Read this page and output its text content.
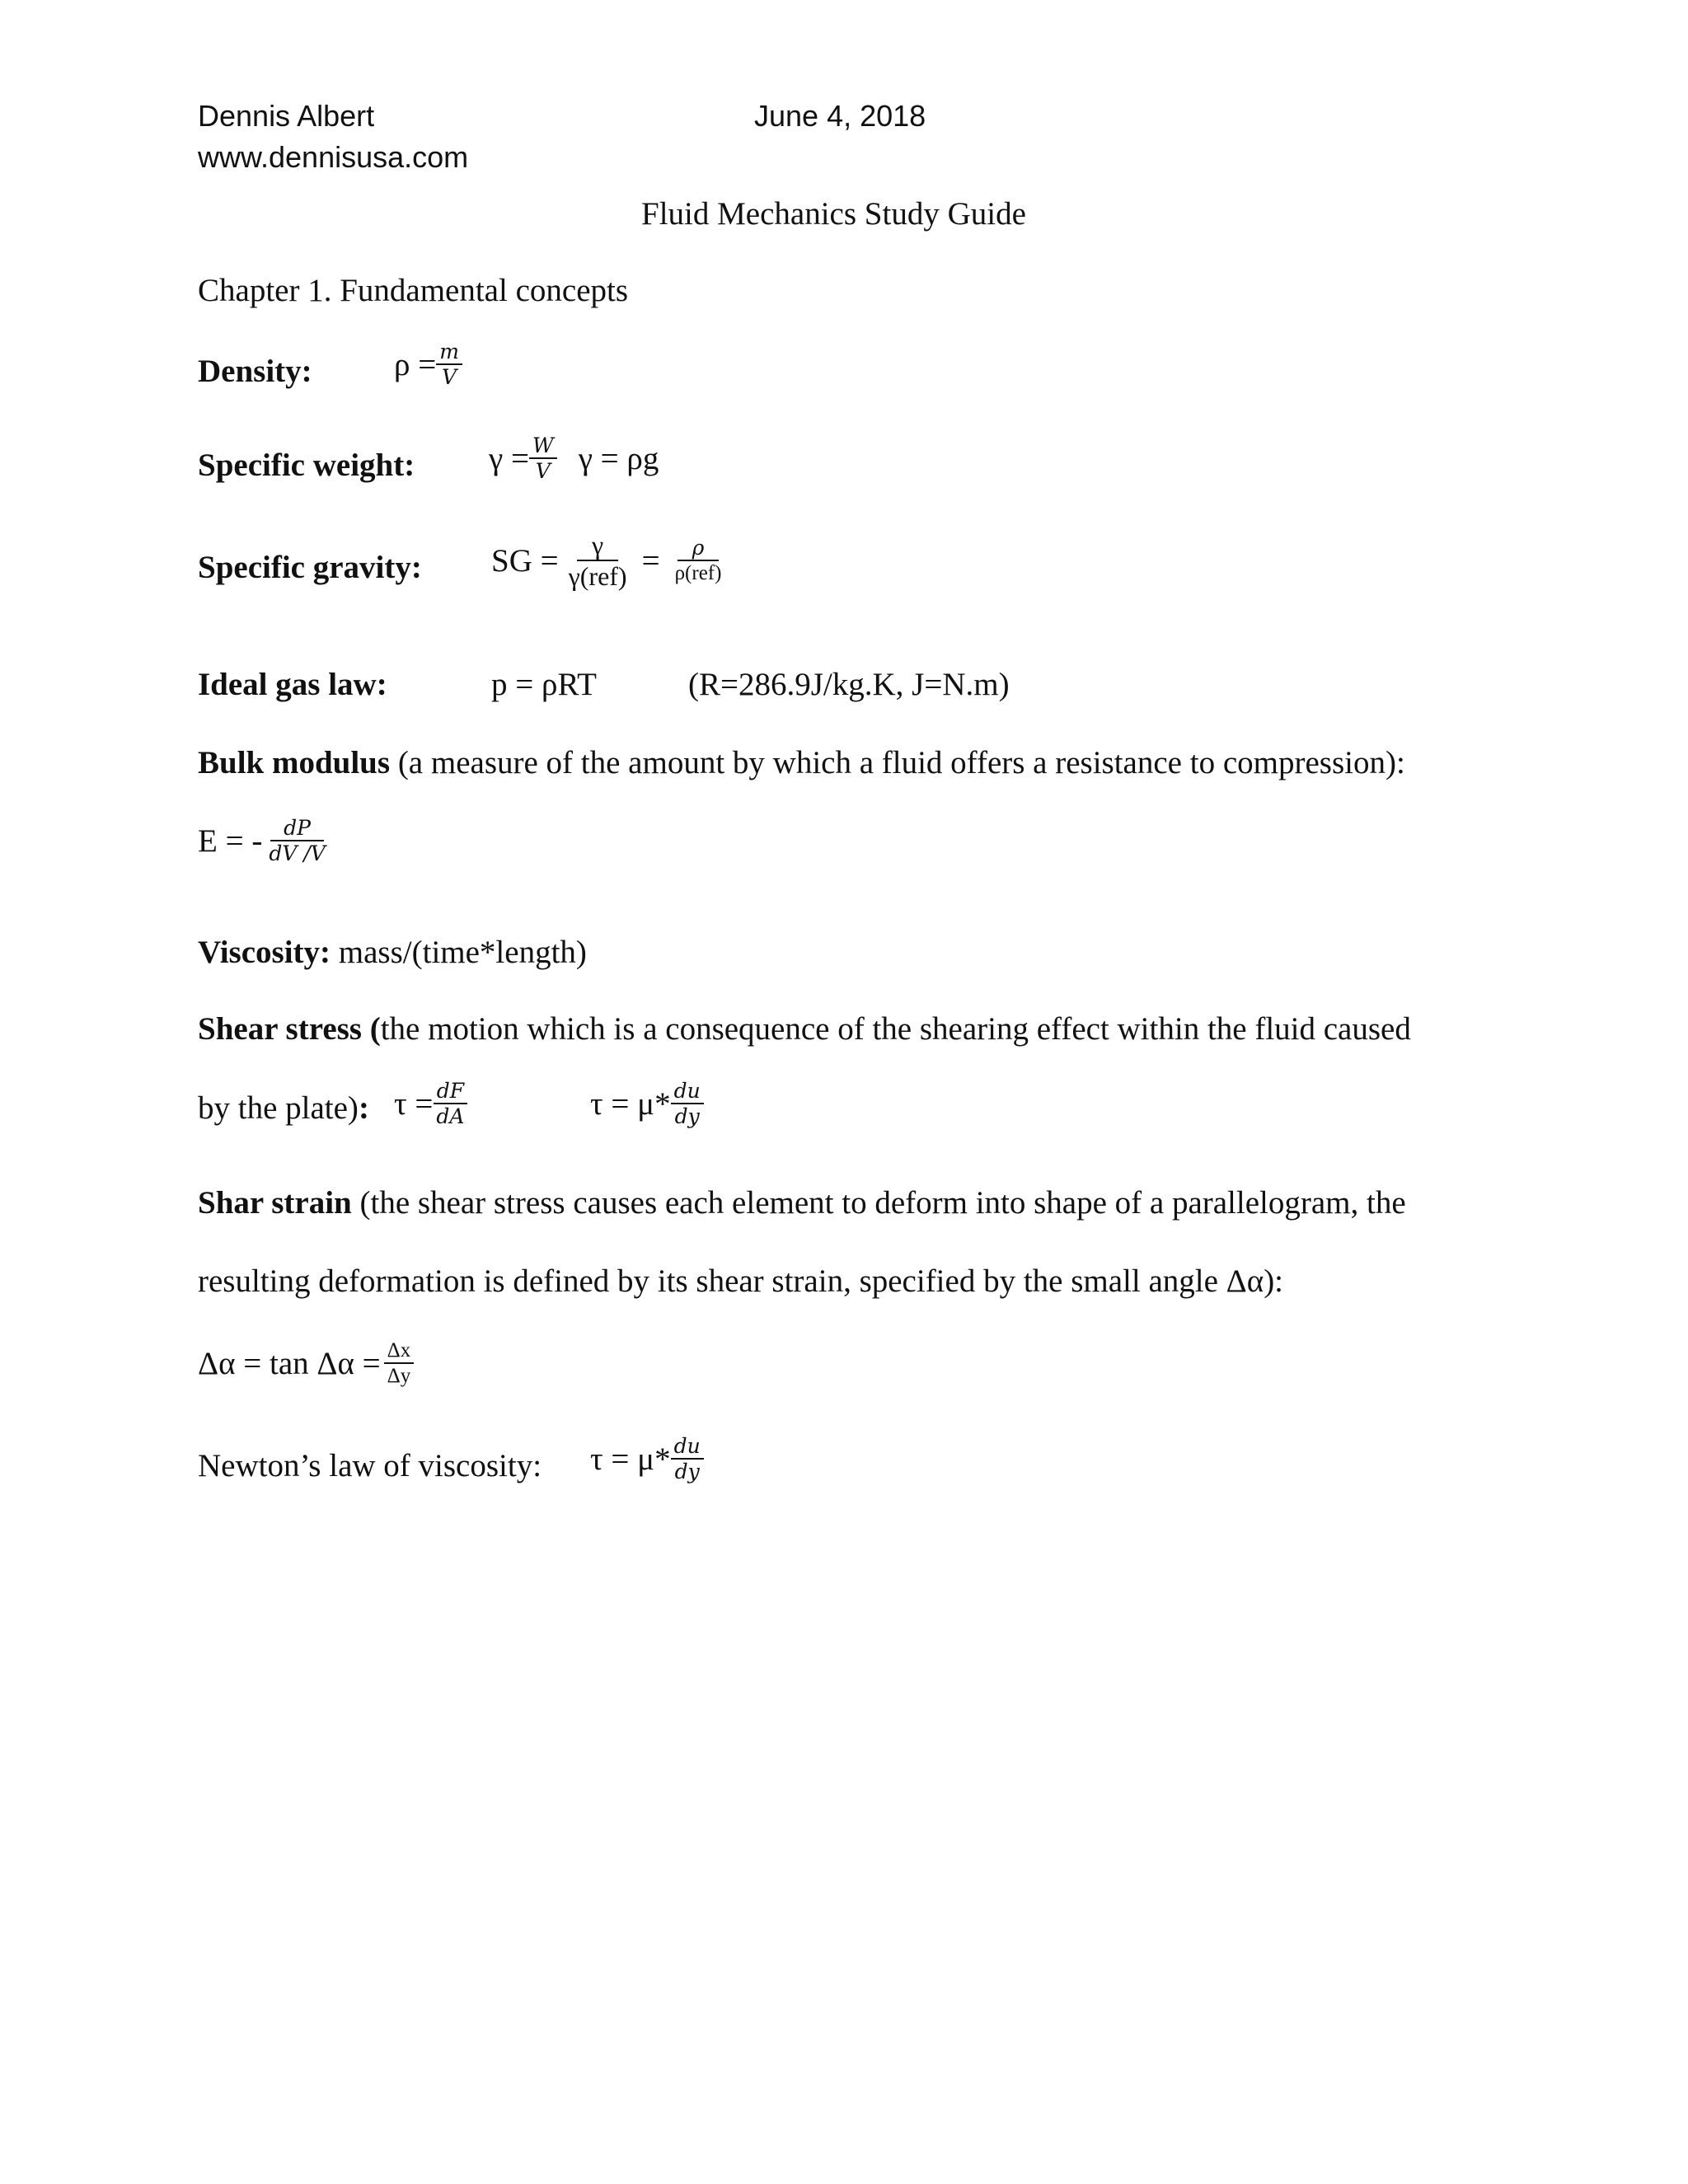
Dennis Albert
www.dennisusa.com
June 4, 2018
Fluid Mechanics Study Guide
Chapter 1. Fundamental concepts
Density:	$\rho = \frac{m}{V}$
Specific weight: $\gamma = \frac{W}{V}$ γ = ρg
Specific gravity: SG = $\frac{\gamma}{\text{γ(ref)}} = \frac{\rho}{\text{ρ(ref)}}$
Ideal gas law:	p = ρRT	(R=286.9J/kg.K, J=N.m)
Bulk modulus (a measure of the amount by which a fluid offers a resistance to compression):
E = - $\frac{dP}{dV /V}$
Viscosity: mass/(time*length)
Shear stress (the motion which is a consequence of the shearing effect within the fluid caused
by the plate): $\tau = \frac{dF}{dA}$	$\tau = \mu* \frac{du}{dy}$
Shar strain (the shear stress causes each element to deform into shape of a parallelogram, the
resulting deformation is defined by its shear strain, specified by the small angle Δα):
$\Delta\alpha = \tan \Delta\alpha = \frac{\Delta x}{\Delta y}$
Newton’s law of viscosity: $\tau = \mu* \frac{du}{dy}$
